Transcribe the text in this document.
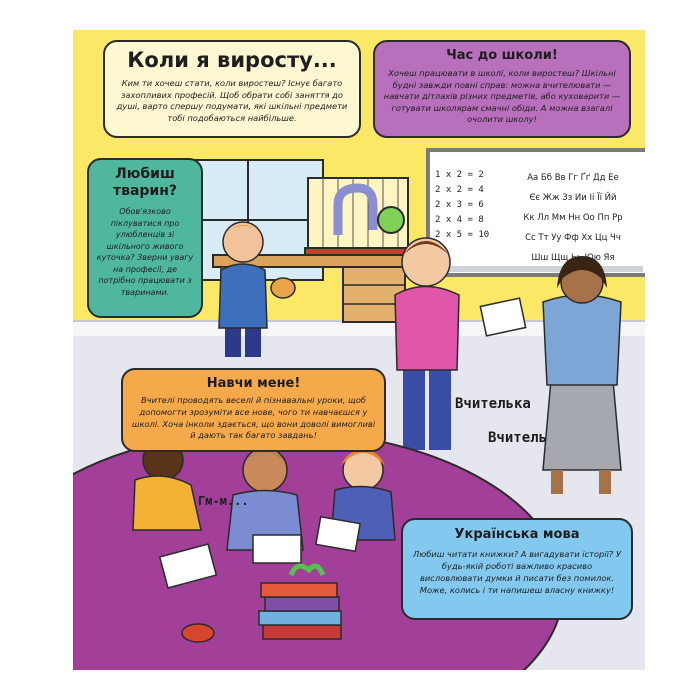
1 x 2 = 2
2 x 2 = 4
2 x 3 = 6
2 x 4 = 8
2 x 5 = 10
Аа Бб Вв Гг Ґґ Дд Ее
Єє Жж Зз Ии Іі Її Йй
Кк Лл Мм Нн Оо Пп Рр
Сс Тт Уу Фф Хх Цц Чч
Шш Щщ Ьь Юю Яя
Коли я виросту...

Ким ти хочеш стати, коли виростеш? Існує багато захопливих професій. Щоб обрати собі заняття до душі, варто спершу подумати, які шкільні предмети тобі подобаються найбільше.

Час до школи!

Хочеш працювати в школі, коли виростеш? Шкільні будні завжди повні справ: можна вчителювати — навчати дітлахів різних предметів, або куховарити — готувати школярам смачні обіди. А можна взагалі очолити школу!

Любиш
тварин?

Обов'язково піклуватися про улюбленців зі шкільного живого куточка? Зверни увагу на професії, де потрібно працювати з тваринами.

Навчи мене!

Вчителі проводять веселі й пізнавальні уроки, щоб допомогти зрозуміти все нове, чого ти навчаєшся у школі. Хоча інколи здається, що вони доволі вимогливі й дають так багато завдань!

Українська мова

Любиш читати книжки? А вигадувати історії? У будь-якій роботі важливо красиво висловлювати думки й писати без помилок. Може, колись і ти напишеш власну книжку!

Вчителька
Вчитель
Гм-м...
